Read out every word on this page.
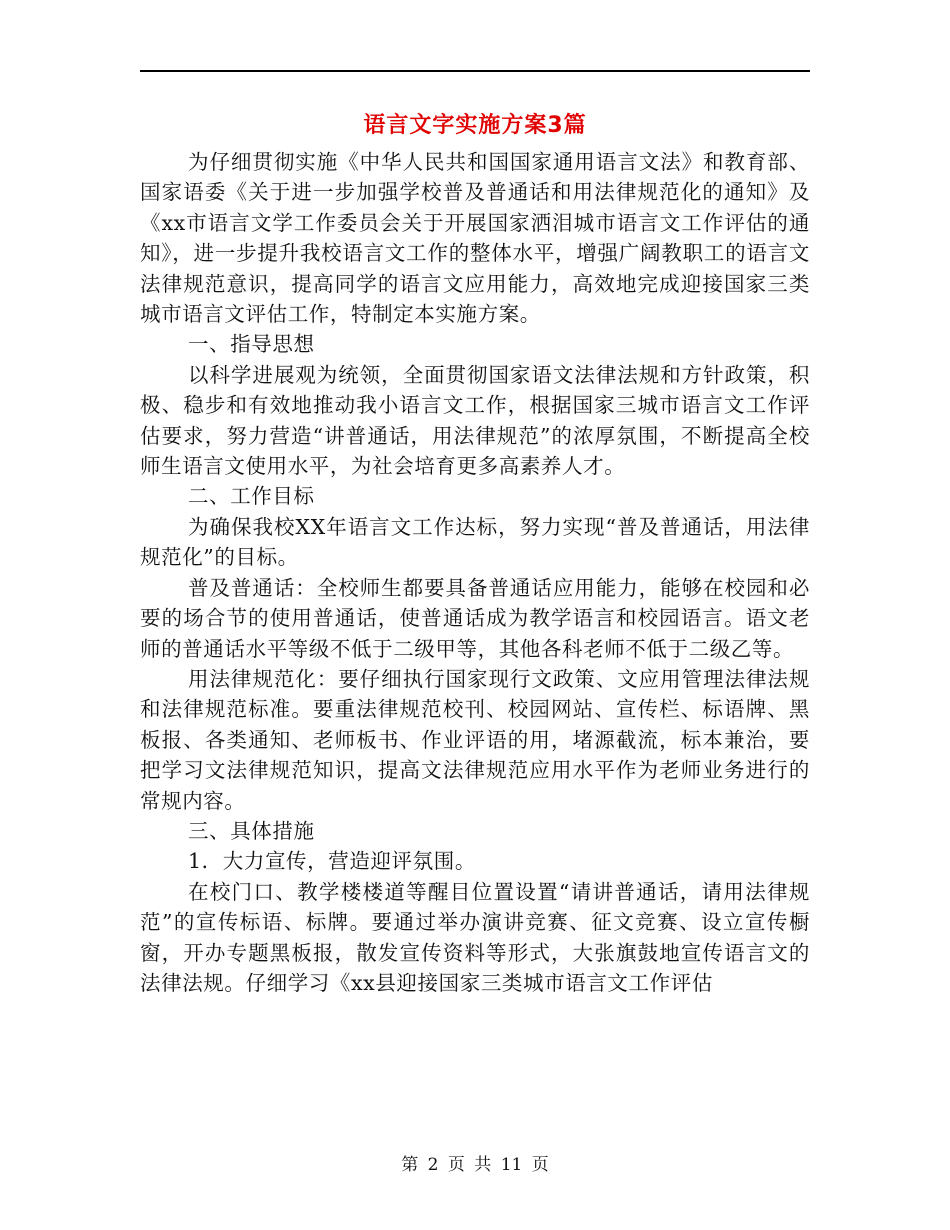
语言文字实施方案3篇

为仔细贯彻实施《中华人民共和国国家通用语言文法》和教育部、国家语委《关于进一步加强学校普及普通话和用法律规范化的通知》及《xx市语言文学工作委员会关于开展国家洒泪城市语言文工作评估的通知》，进一步提升我校语言文工作的整体水平，增强广阔教职工的语言文法律规范意识，提高同学的语言文应用能力，高效地完成迎接国家三类城市语言文评估工作，特制定本实施方案。

一、指导思想

以科学进展观为统领，全面贯彻国家语文法律法规和方针政策，积极、稳步和有效地推动我小语言文工作，根据国家三城市语言文工作评估要求，努力营造“讲普通话，用法律规范”的浓厚氛围，不断提高全校师生语言文使用水平，为社会培育更多高素养人才。

二、工作目标

为确保我校XX年语言文工作达标，努力实现“普及普通话，用法律规范化”的目标。

普及普通话：全校师生都要具备普通话应用能力，能够在校园和必要的场合节的使用普通话，使普通话成为教学语言和校园语言。语文老师的普通话水平等级不低于二级甲等，其他各科老师不低于二级乙等。

用法律规范化：要仔细执行国家现行文政策、文应用管理法律法规和法律规范标准。要重法律规范校刊、校园网站、宣传栏、标语牌、黑板报、各类通知、老师板书、作业评语的用，堵源截流，标本兼治，要把学习文法律规范知识，提高文法律规范应用水平作为老师业务进行的常规内容。

三、具体措施

1．大力宣传，营造迎评氛围。

在校门口、教学楼楼道等醒目位置设置“请讲普通话，请用法律规范”的宣传标语、标牌。要通过举办演讲竞赛、征文竞赛、设立宣传橱窗，开办专题黑板报，散发宣传资料等形式，大张旗鼓地宣传语言文的法律法规。仔细学习《xx县迎接国家三类城市语言文工作评估

第 2 页 共 11 页
